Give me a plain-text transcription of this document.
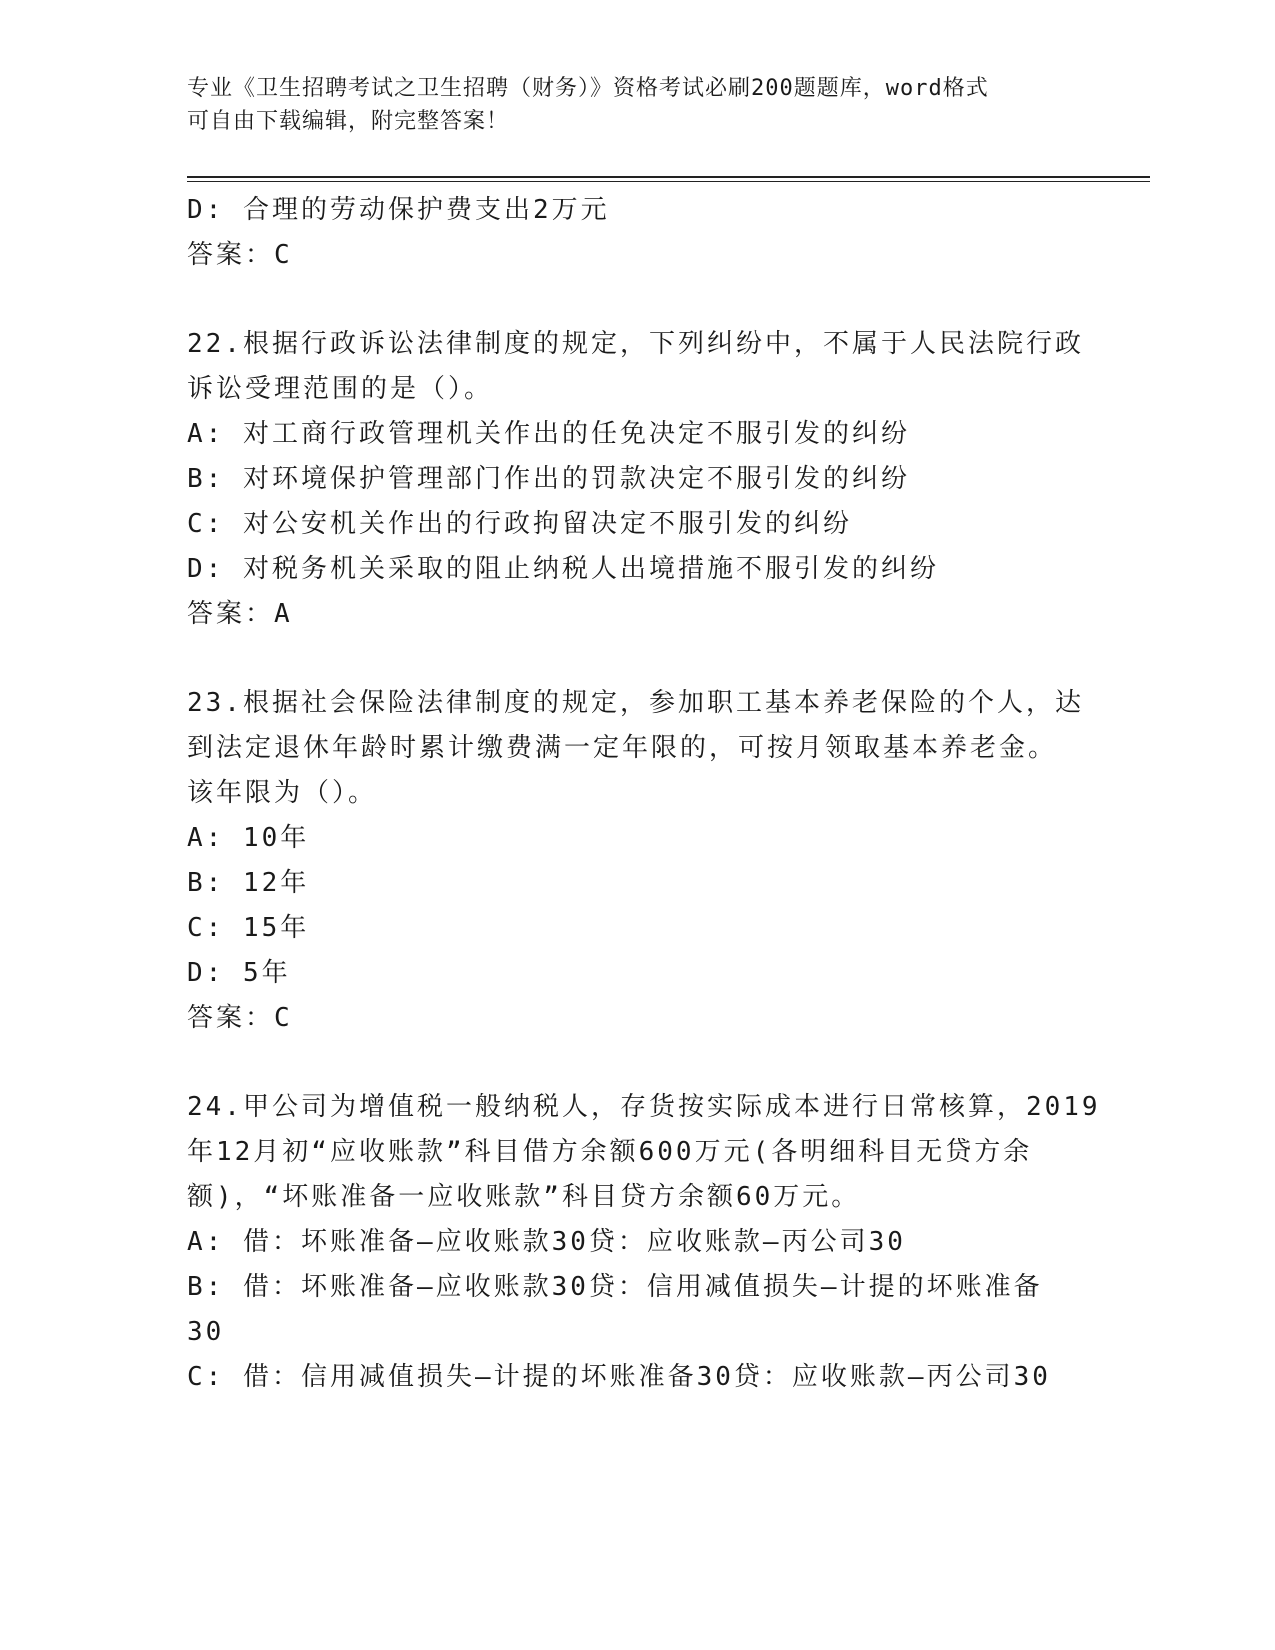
专业《卫生招聘考试之卫生招聘（财务）》资格考试必刷200题题库，word格式
可自由下载编辑，附完整答案！
D: 合理的劳动保护费支出2万元
答案：C
22.根据行政诉讼法律制度的规定，下列纠纷中，不属于人民法院行政
诉讼受理范围的是（）。
A: 对工商行政管理机关作出的任免决定不服引发的纠纷
B: 对环境保护管理部门作出的罚款决定不服引发的纠纷
C: 对公安机关作出的行政拘留决定不服引发的纠纷
D: 对税务机关采取的阻止纳税人出境措施不服引发的纠纷
答案：A
23.根据社会保险法律制度的规定，参加职工基本养老保险的个人，达
到法定退休年龄时累计缴费满一定年限的，可按月领取基本养老金。
该年限为（）。
A: 10年
B: 12年
C: 15年
D: 5年
答案：C
24.甲公司为增值税一般纳税人，存货按实际成本进行日常核算，2019
年12月初“应收账款”科目借方余额600万元(各明细科目无贷方余
额)，“坏账准备一应收账款”科目贷方余额60万元。
A: 借：坏账准备—应收账款30贷：应收账款—丙公司30
B: 借：坏账准备—应收账款30贷：信用减值损失—计提的坏账准备
30
C: 借：信用减值损失—计提的坏账准备30贷：应收账款—丙公司30
